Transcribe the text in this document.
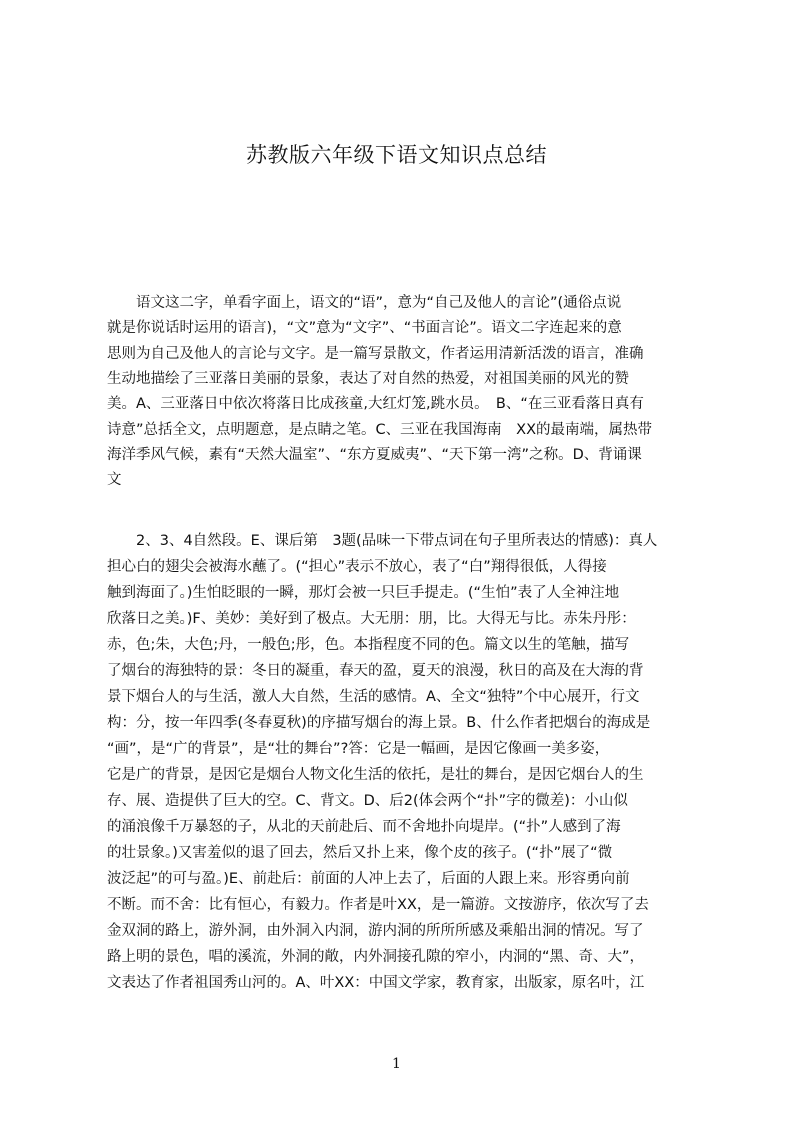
苏教版六年级下语文知识点总结
　　语文这二字，单看字面上，语文的“语”，意为“自己及他人的言论”(通俗点说
就是你说话时运用的语言)，“文”意为“文字”、“书面言论”。语文二字连起来的意
思则为自己及他人的言论与文字。是一篇写景散文，作者运用清新活泼的语言，准确
生动地描绘了三亚落日美丽的景象，表达了对自然的热爱，对祖国美丽的风光的赞
美。A、三亚落日中依次将落日比成孩童,大红灯笼,跳水员。　B、“在三亚看落日真有
诗意”总括全文，点明题意，是点睛之笔。C、三亚在我国海南　XX的最南端，属热带
海洋季风气候，素有“天然大温室”、“东方夏威夷”、“天下第一湾”之称。D、背诵课
文
　　2、3、4自然段。E、课后第　3题(品味一下带点词在句子里所表达的情感)：真人
担心白的翅尖会被海水蘸了。(“担心”表示不放心，表了“白”翔得很低，人得接
触到海面了。)生怕眨眼的一瞬，那灯会被一只巨手提走。(“生怕”表了人全神注地
欣落日之美。)F、美妙：美好到了极点。大无朋：朋，比。大得无与比。赤朱丹彤：
赤，色;朱，大色;丹，一般色;彤，色。本指程度不同的色。篇文以生的笔触，描写
了烟台的海独特的景：冬日的凝重，春天的盈，夏天的浪漫，秋日的高及在大海的背
景下烟台人的与生活，激人大自然，生活的感情。A、全文“独特”个中心展开，行文
构：分，按一年四季(冬春夏秋)的序描写烟台的海上景。B、什么作者把烟台的海成是
“画”，是“广的背景”，是“壮的舞台”?答：它是一幅画，是因它像画一美多姿，
它是广的背景，是因它是烟台人物文化生活的依托，是壮的舞台，是因它烟台人的生
存、展、造提供了巨大的空。C、背文。D、后2(体会两个“扑”字的微差)：小山似
的涌浪像千万暴怒的子，从北的天前赴后、而不舍地扑向堤岸。(“扑”人感到了海
的壮景象。)又害羞似的退了回去，然后又扑上来，像个皮的孩子。(“扑”展了“微
波泛起”的可与盈。)E、前赴后：前面的人冲上去了，后面的人跟上来。形容勇向前
不断。而不舍：比有恒心，有毅力。作者是叶XX，是一篇游。文按游序，依次写了去
金双洞的路上，游外洞，由外洞入内洞，游内洞的所所所感及乘船出洞的情况。写了
路上明的景色，唱的溪流，外洞的敞，内外洞接孔隙的窄小，内洞的“黑、奇、大”，
文表达了作者祖国秀山河的。A、叶XX：中国文学家，教育家，出版家，原名叶，江
1
